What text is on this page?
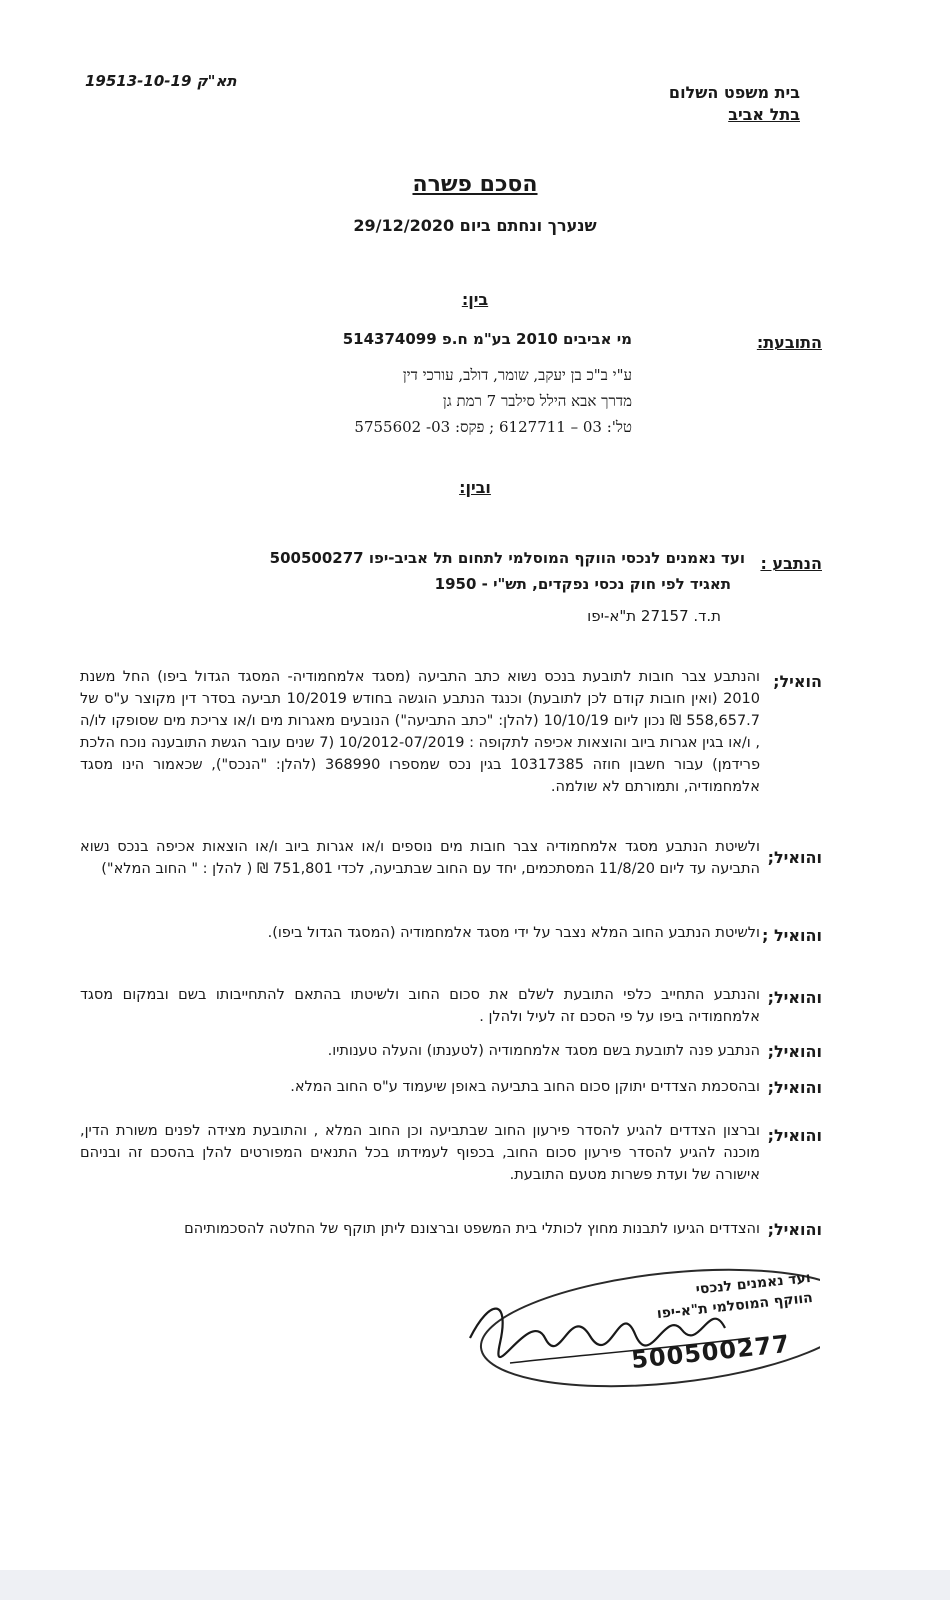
תא"ק 19513-10-19
בית משפט השלום
בתל אביב
הסכם פשרה
שנערך ונחתם ביום 29/12/2020
בין:
התובעת:
מי אביבים 2010 בע"מ ח.פ 514374099
ע"י ב"כ בן יעקב, שומר, דולב, עורכי דין
מדרך אבא הילל סילבר 7 רמת גן
טל': 03 – 6127711 ; פקס: 03- 5755602
ובין:
הנתבע :
ועד נאמנים לנכסי הווקף המוסלמי לתחום תל אביב-יפו 500500277
תאגיד לפי חוק נכסי נפקדים, תש"י - 1950
ת.ד. 27157 ת"א-יפו
הואיל;
והנתבע צבר חובות לתובעת בנכס נשוא כתב התביעה (מסגד אלמחמודיה- המסגד הגדול ביפו) החל משנת 2010 (ואין חובות קודם לכן לתובעת) וכנגד הנתבע הוגשה בחודש 10/2019 תביעה בסדר דין מקוצר ע"ס של 558,657.7 ₪ נכון ליום 10/10/19 (להלן: "כתב התביעה") הנובעים מאגרות מים ו/או צריכת מים שסופקו לו/ה , ו/או בגין אגרות ביוב והוצאות אכיפה לתקופה : 10/2012-07/2019 (7 שנים עובר הגשת התובענה נוכח הלכת פרידמן) עבור חשבון חוזה 10317385 בגין נכס שמספרו 368990 (להלן: "הנכס"), שכאמור הינו מסגד אלמחמודיה, ותמורתם לא שולמה.
והואיל;
ולשיטת הנתבע מסגד אלמחמודיה צבר חובות מים נוספים ו/או אגרות ביוב ו/או הוצאות אכיפה בנכס נשוא התביעה עד ליום 11/8/20 המסתכמים, יחד עם החוב שבתביעה, לכדי 751,801 ₪ ( להלן : " החוב המלא")
והואיל ;
ולשיטת הנתבע החוב המלא נצבר על ידי מסגד אלמחמודיה (המסגד הגדול ביפו).
והואיל;
והנתבע התחייב כלפי התובעת לשלם את סכום החוב ולשיטתו בהתאם להתחייבותו בשם ובמקום מסגד אלמחמודיה ביפו על פי הסכם זה לעיל ולהלן .
והואיל;
הנתבע פנה לתובעת בשם מסגד אלמחמודיה (לטענתו) והעלה טענותיו.
והואיל;
ובהסכמת הצדדים יתוקן סכום החוב בתביעה באופן שיעמוד ע"ס החוב המלא.
והואיל;
וברצון הצדדים להגיע להסדר פירעון החוב שבתביעה וכן החוב המלא , והתובעת מצידה לפנים משורת הדין, מוכנה להגיע להסדר פירעון סכום החוב, בכפוף לעמידתו בכל התנאים המפורטים להלן בהסכם זה ובניהם אישורה של ועדת פשרות מטעם התובעת.
והואיל;
והצדדים הגיעו לתבנות מחוץ לכותלי בית המשפט וברצונם ליתן תוקף של החלטה להסכמותיהם
ועד נאמנים לנכסי
הווקף המוסלמי ת"א-יפו
500500277
